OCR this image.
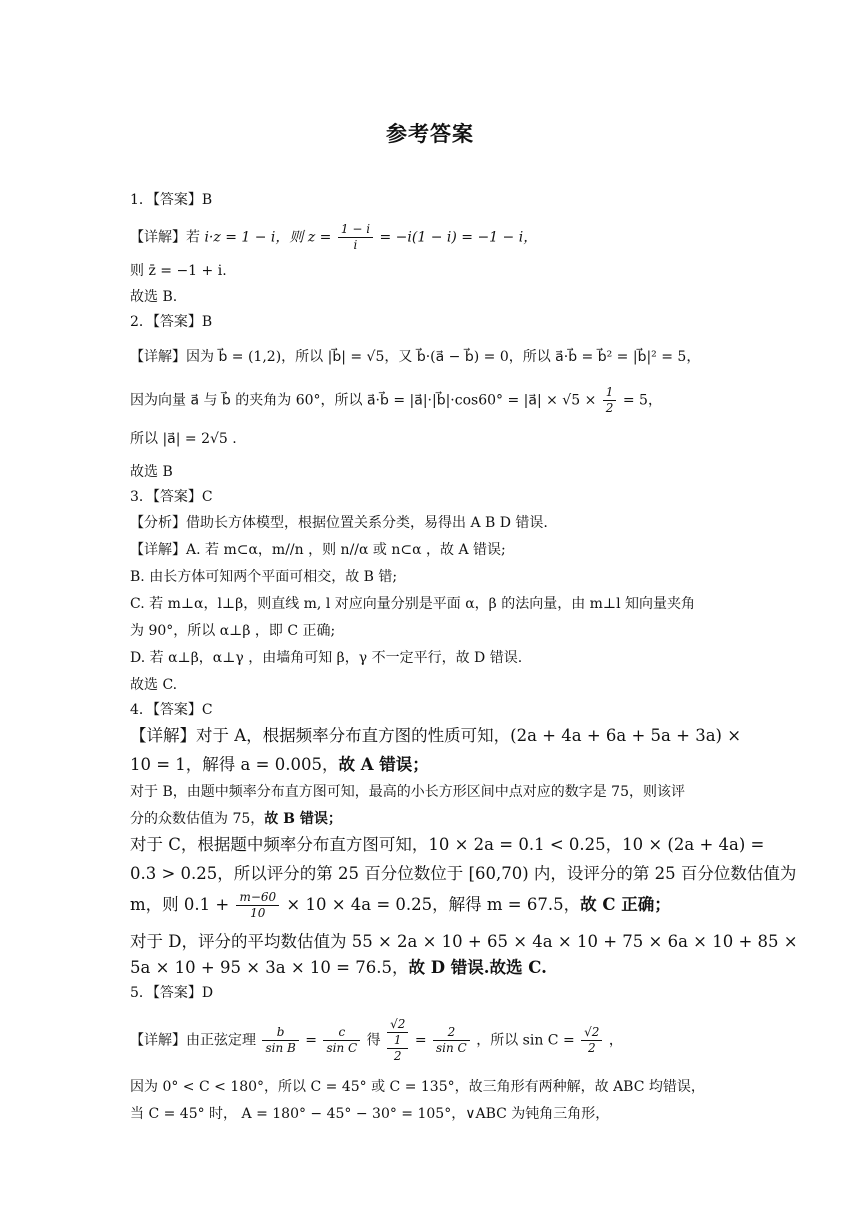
参考答案
1．【答案】B
【详解】若 i·z = 1 − i，则 $z = \frac{1 - i}{i} = -i(1 - i) = -1 - i$，
则 z̄ = −1 + i.
故选 B.
2．【答案】B
【详解】因为 b⃗ = (1,2)，所以 |b⃗| = √5，又 b⃗·(a⃗ − b⃗) = 0，所以 a⃗·b⃗ = b⃗² = |b⃗|² = 5，
因为向量 a⃗ 与 b⃗ 的夹角为 60°，所以 a⃗·b⃗ = |a⃗|·|b⃗|·cos60° = |a⃗| × $√5 \times \frac{1}{2} = 5$，
所以 |a⃗| = 2√5 .
故选 B
3．【答案】C
【分析】借助长方体模型，根据位置关系分类，易得出 A B D 错误.
【详解】A. 若 m⊂α，m//n ，则 n//α 或 n⊂α ，故 A 错误;
B. 由长方体可知两个平面可相交，故 B 错;
C. 若 m⊥α，l⊥β，则直线 m, l 对应向量分别是平面 α，β 的法向量，由 m⊥l 知向量夹角
为 90°，所以 α⊥β ，即 C 正确;
D. 若 α⊥β，α⊥γ ，由墙角可知 β，γ 不一定平行，故 D 错误.
故选 C.
4．【答案】C
【详解】对于 A，根据频率分布直方图的性质可知，(2a + 4a + 6a + 5a + 3a) ×
10 = 1，解得 a = 0.005，故 A 错误；
对于 B，由题中频率分布直方图可知，最高的小长方形区间中点对应的数字是 75，则该评
分的众数估值为 75，故 B 错误；
对于 C，根据题中频率分布直方图可知，10 × 2a = 0.1 < 0.25，10 × (2a + 4a) =
0.3 > 0.25，所以评分的第 25 百分位数位于 [60,70) 内，设评分的第 25 百分位数估值为
m，则 $0.1 + \frac{m-60}{10} \times 10 \times 4a = 0.25$，解得 m = 67.5，故 C 正确；
对于 D，评分的平均数估值为 55 × 2a × 10 + 65 × 4a × 10 + 75 × 6a × 10 + 85 ×
5a × 10 + 95 × 3a × 10 = 76.5，故 D 错误.故选 C.
5．【答案】D
【详解】由正弦定理 $\frac{b}{\text{sin B}} = \frac{c}{\text{sin C}}$ 得
√2
1
2
= $\frac{2}{\text{sin C}}$ ，所以 $\sin C = \frac{√2}{2}$ ，
因为 0° < C < 180°，所以 C = 45° 或 C = 135°，故三角形有两种解，故 ABC 均错误，
当 C = 45° 时， A = 180° − 45° − 30° = 105°，∨ABC 为钝角三角形，
